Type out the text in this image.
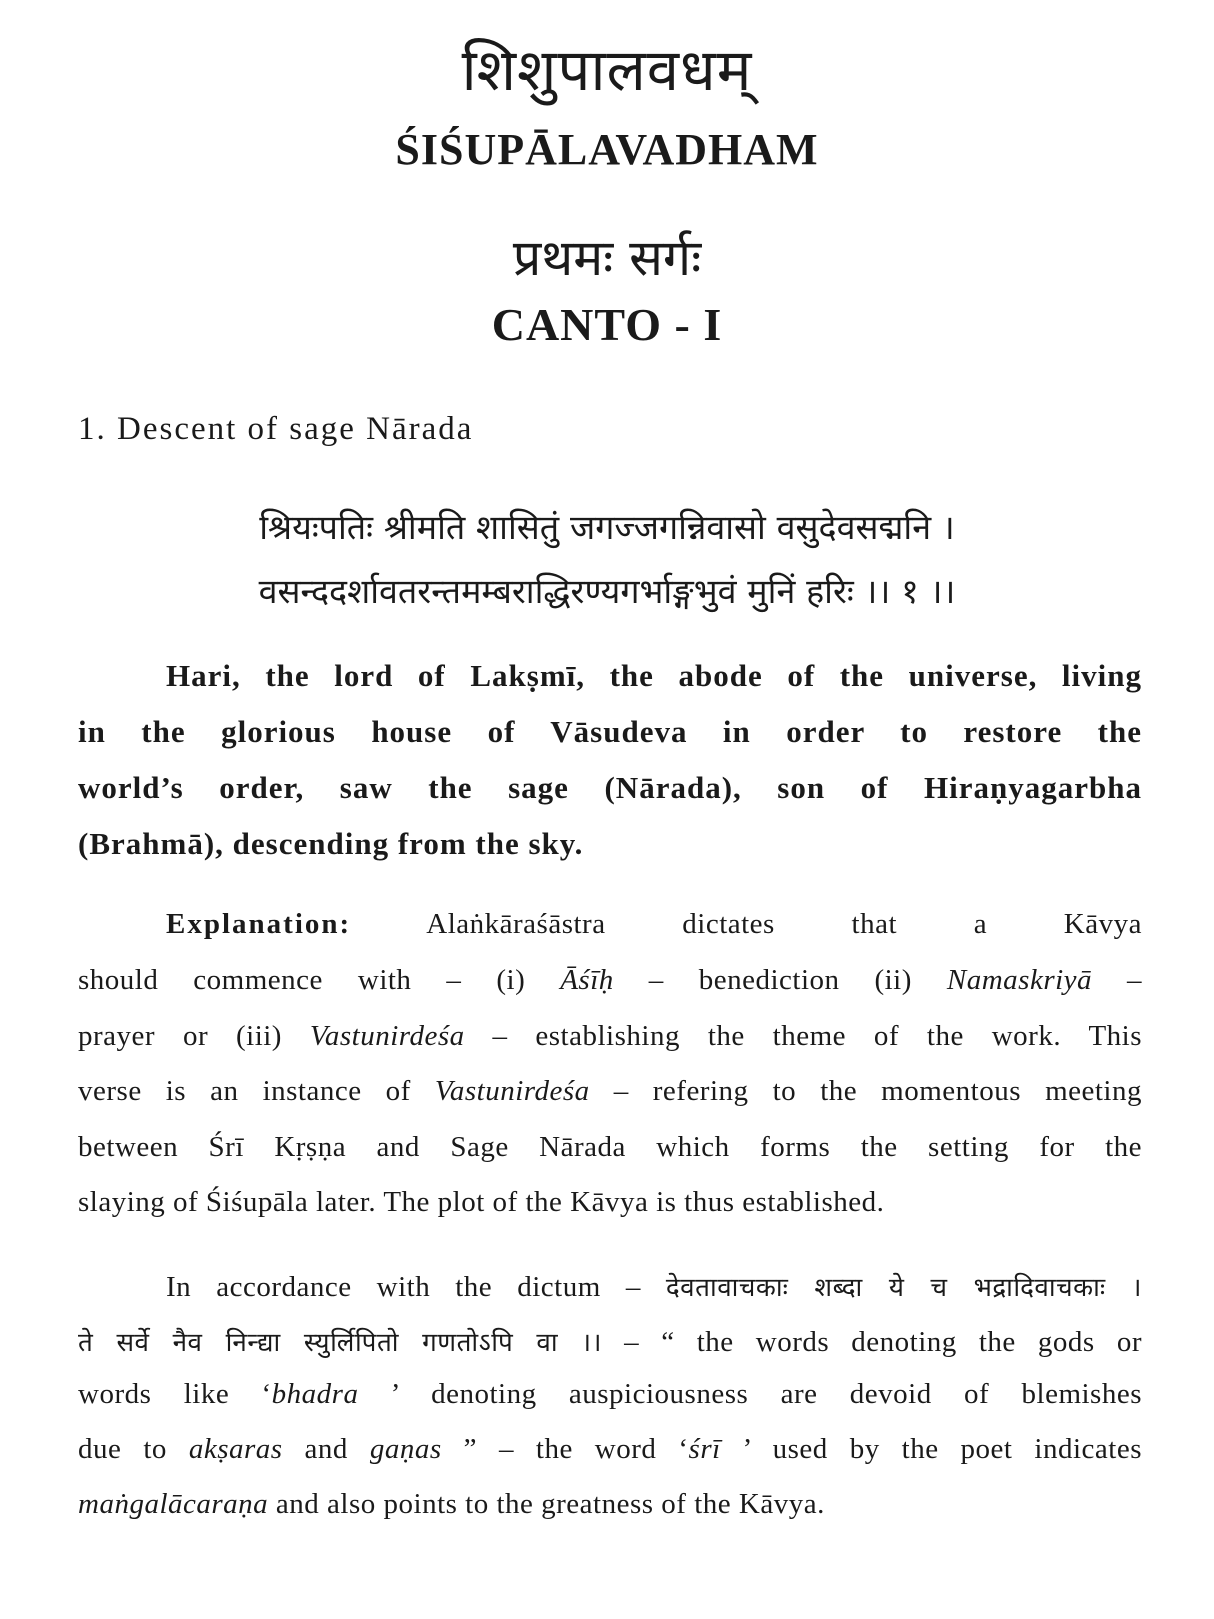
शिशुपालवधम्
ŚIŚUPĀLAVADHAM
प्रथमः सर्गः
CANTO - I
1. Descent of sage Nārada
श्रियःपतिः श्रीमति शासितुं जगज्जगन्निवासो वसुदेवसद्मनि ।
वसन्ददर्शावतरन्तमम्बराद्धिरण्यगर्भाङ्गभुवं मुनिं हरिः ।। १ ।।
Hari, the lord of Lakṣmī, the abode of the universe, living
in the glorious house of Vāsudeva in order to restore the
world’s order, saw the sage (Nārada), son of Hiraṇyagarbha
(Brahmā), descending from the sky.
Explanation: Alaṅkāraśāstra dictates that a Kāvya
should commence with – (i) Āśīḥ – benediction (ii) Namaskriyā –
prayer or (iii) Vastunirdeśa – establishing the theme of the work. This
verse is an instance of Vastunirdeśa – refering to the momentous meeting
between Śrī Kṛṣṇa and Sage Nārada which forms the setting for the
slaying of Śiśupāla later. The plot of the Kāvya is thus established.
In accordance with the dictum – देवतावाचकाः शब्दा ये च भद्रादिवाचकाः ।
ते सर्वे नैव निन्द्या स्युर्लिपितो गणतोऽपि वा ।। – “ the words denoting the gods or
words like ‘bhadra ’ denoting auspiciousness are devoid of blemishes
due to akṣaras and gaṇas ” – the word ‘śrī ’ used by the poet indicates
maṅgalācaraṇa and also points to the greatness of the Kāvya.
